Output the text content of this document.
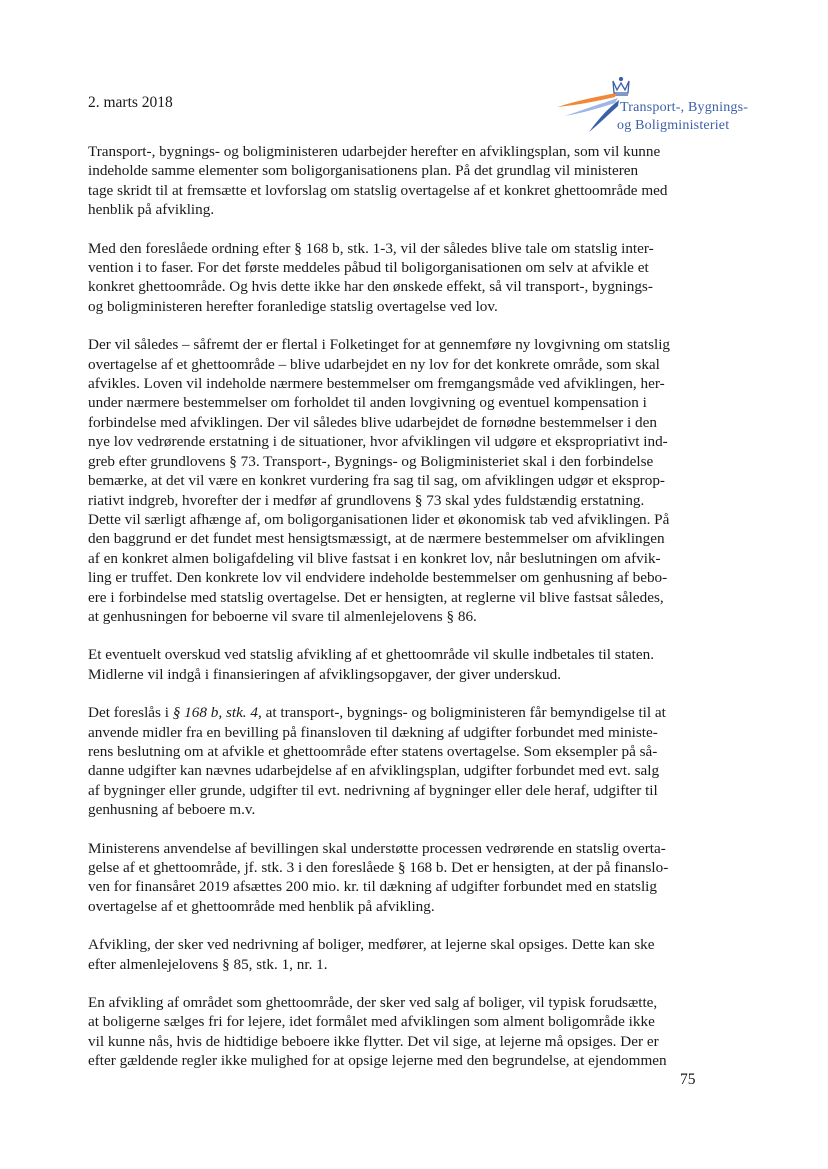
2. marts 2018	Transport-, Bygnings-
og Boligministeriet

Transport-, bygnings- og boligministeren udarbejder herefter en afviklingsplan, som vil kunne
indeholde samme elementer som boligorganisationens plan. På det grundlag vil ministeren
tage skridt til at fremsætte et lovforslag om statslig overtagelse af et konkret ghettoområde med
henblik på afvikling.

Med den foreslåede ordning efter § 168 b, stk. 1-3, vil der således blive tale om statslig inter-
vention i to faser. For det første meddeles påbud til boligorganisationen om selv at afvikle et
konkret ghettoområde. Og hvis dette ikke har den ønskede effekt, så vil transport-, bygnings-
og boligministeren herefter foranledige statslig overtagelse ved lov.

Der vil således – såfremt der er flertal i Folketinget for at gennemføre ny lovgivning om statslig
overtagelse af et ghettoområde – blive udarbejdet en ny lov for det konkrete område, som skal
afvikles. Loven vil indeholde nærmere bestemmelser om fremgangsmåde ved afviklingen, her-
under nærmere bestemmelser om forholdet til anden lovgivning og eventuel kompensation i
forbindelse med afviklingen. Der vil således blive udarbejdet de fornødne bestemmelser i den
nye lov vedrørende erstatning i de situationer, hvor afviklingen vil udgøre et ekspropriativt ind-
greb efter grundlovens § 73. Transport-, Bygnings- og Boligministeriet skal i den forbindelse
bemærke, at det vil være en konkret vurdering fra sag til sag, om afviklingen udgør et eksprop-
riativt indgreb, hvorefter der i medfør af grundlovens § 73 skal ydes fuldstændig erstatning.
Dette vil særligt afhænge af, om boligorganisationen lider et økonomisk tab ved afviklingen. På
den baggrund er det fundet mest hensigtsmæssigt, at de nærmere bestemmelser om afviklingen
af en konkret almen boligafdeling vil blive fastsat i en konkret lov, når beslutningen om afvik-
ling er truffet. Den konkrete lov vil endvidere indeholde bestemmelser om genhusning af bebo-
ere i forbindelse med statslig overtagelse. Det er hensigten, at reglerne vil blive fastsat således,
at genhusningen for beboerne vil svare til almenlejelovens § 86.

Et eventuelt overskud ved statslig afvikling af et ghettoområde vil skulle indbetales til staten.
Midlerne vil indgå i finansieringen af afviklingsopgaver, der giver underskud.

Det foreslås i § 168 b, stk. 4, at transport-, bygnings- og boligministeren får bemyndigelse til at
anvende midler fra en bevilling på finansloven til dækning af udgifter forbundet med ministe-
rens beslutning om at afvikle et ghettoområde efter statens overtagelse. Som eksempler på så-
danne udgifter kan nævnes udarbejdelse af en afviklingsplan, udgifter forbundet med evt. salg
af bygninger eller grunde, udgifter til evt. nedrivning af bygninger eller dele heraf, udgifter til
genhusning af beboere m.v.

Ministerens anvendelse af bevillingen skal understøtte processen vedrørende en statslig overta-
gelse af et ghettoområde, jf. stk. 3 i den foreslåede § 168 b. Det er hensigten, at der på finanslo-
ven for finansåret 2019 afsættes 200 mio. kr. til dækning af udgifter forbundet med en statslig
overtagelse af et ghettoområde med henblik på afvikling.

Afvikling, der sker ved nedrivning af boliger, medfører, at lejerne skal opsiges. Dette kan ske
efter almenlejelovens § 85, stk. 1, nr. 1.

En afvikling af området som ghettoområde, der sker ved salg af boliger, vil typisk forudsætte,
at boligerne sælges fri for lejere, idet formålet med afviklingen som alment boligområde ikke
vil kunne nås, hvis de hidtidige beboere ikke flytter. Det vil sige, at lejerne må opsiges. Der er
efter gældende regler ikke mulighed for at opsige lejerne med den begrundelse, at ejendommen

75
